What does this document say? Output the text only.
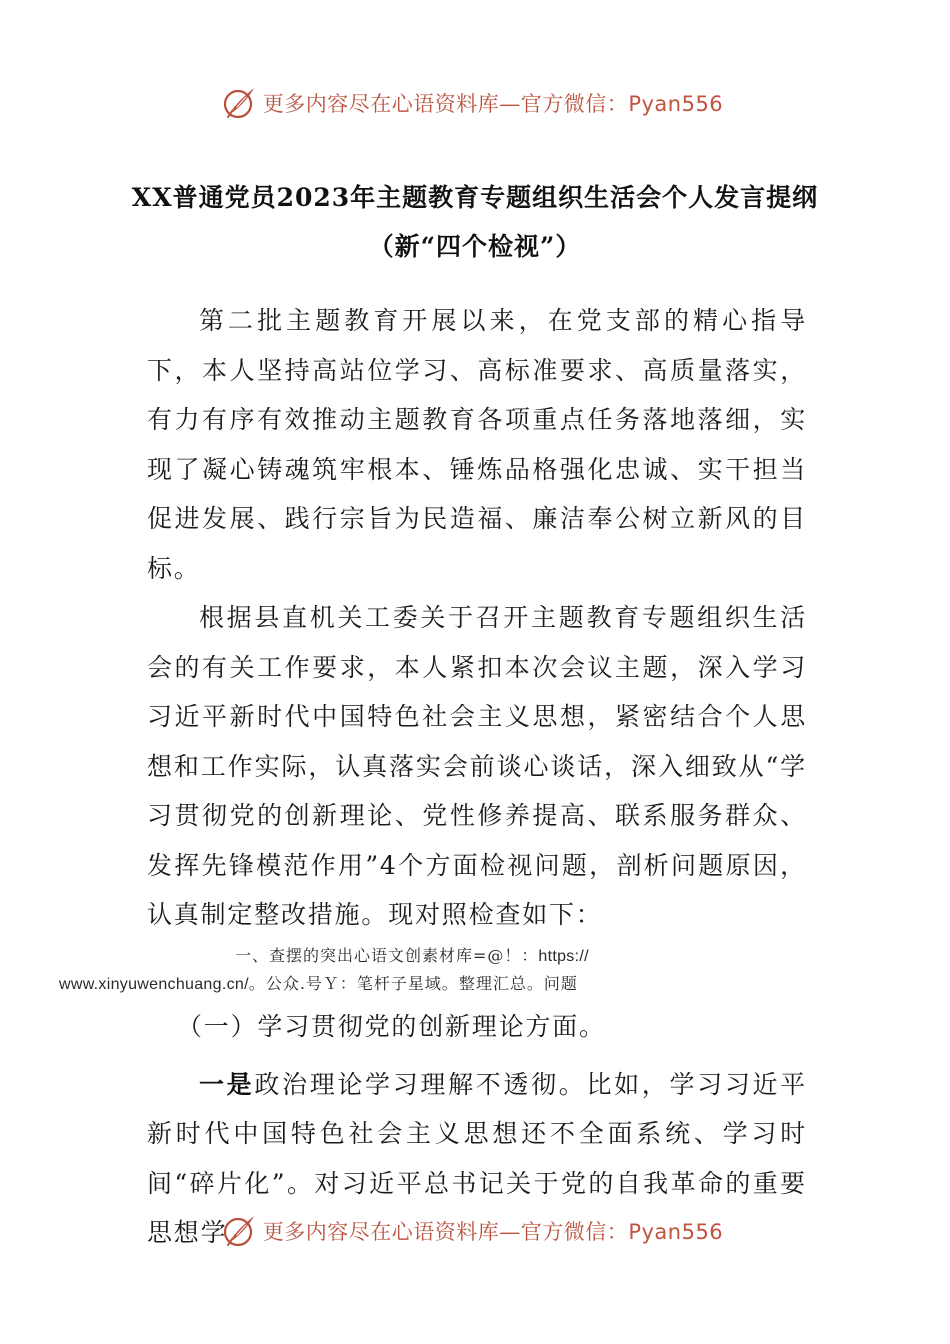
更多内容尽在心语资料库—官方微信：Pyan556
XX普通党员2023年主题教育专题组织生活会个人发言提纲
（新“四个检视”）

第二批主题教育开展以来，在党支部的精心指导下，本人坚持高站位学习、高标准要求、高质量落实，有力有序有效推动主题教育各项重点任务落地落细，实现了凝心铸魂筑牢根本、锤炼品格强化忠诚、实干担当促进发展、践行宗旨为民造福、廉洁奉公树立新风的目标。

根据县直机关工委关于召开主题教育专题组织生活会的有关工作要求，本人紧扣本次会议主题，深入学习习近平新时代中国特色社会主义思想，紧密结合个人思想和工作实际，认真落实会前谈心谈话，深入细致从“学习贯彻党的创新理论、党性修养提高、联系服务群众、发挥先锋模范作用”4个方面检视问题，剖析问题原因，认真制定整改措施。现对照检查如下：

一、查摆的突出心语文创素材库=@！：https://
www.xinyuwenchuang.cn/。公众.号Ｙ：笔杆子星域。整理汇总。问题

（一）学习贯彻党的创新理论方面。

一是政治理论学习理解不透彻。比如，学习习近平新时代中国特色社会主义思想还不全面系统、学习时间“碎片化”。对习近平总书记关于党的自我革命的重要思想学	更多内容尽在心语资料库—官方微信：Pyan556
